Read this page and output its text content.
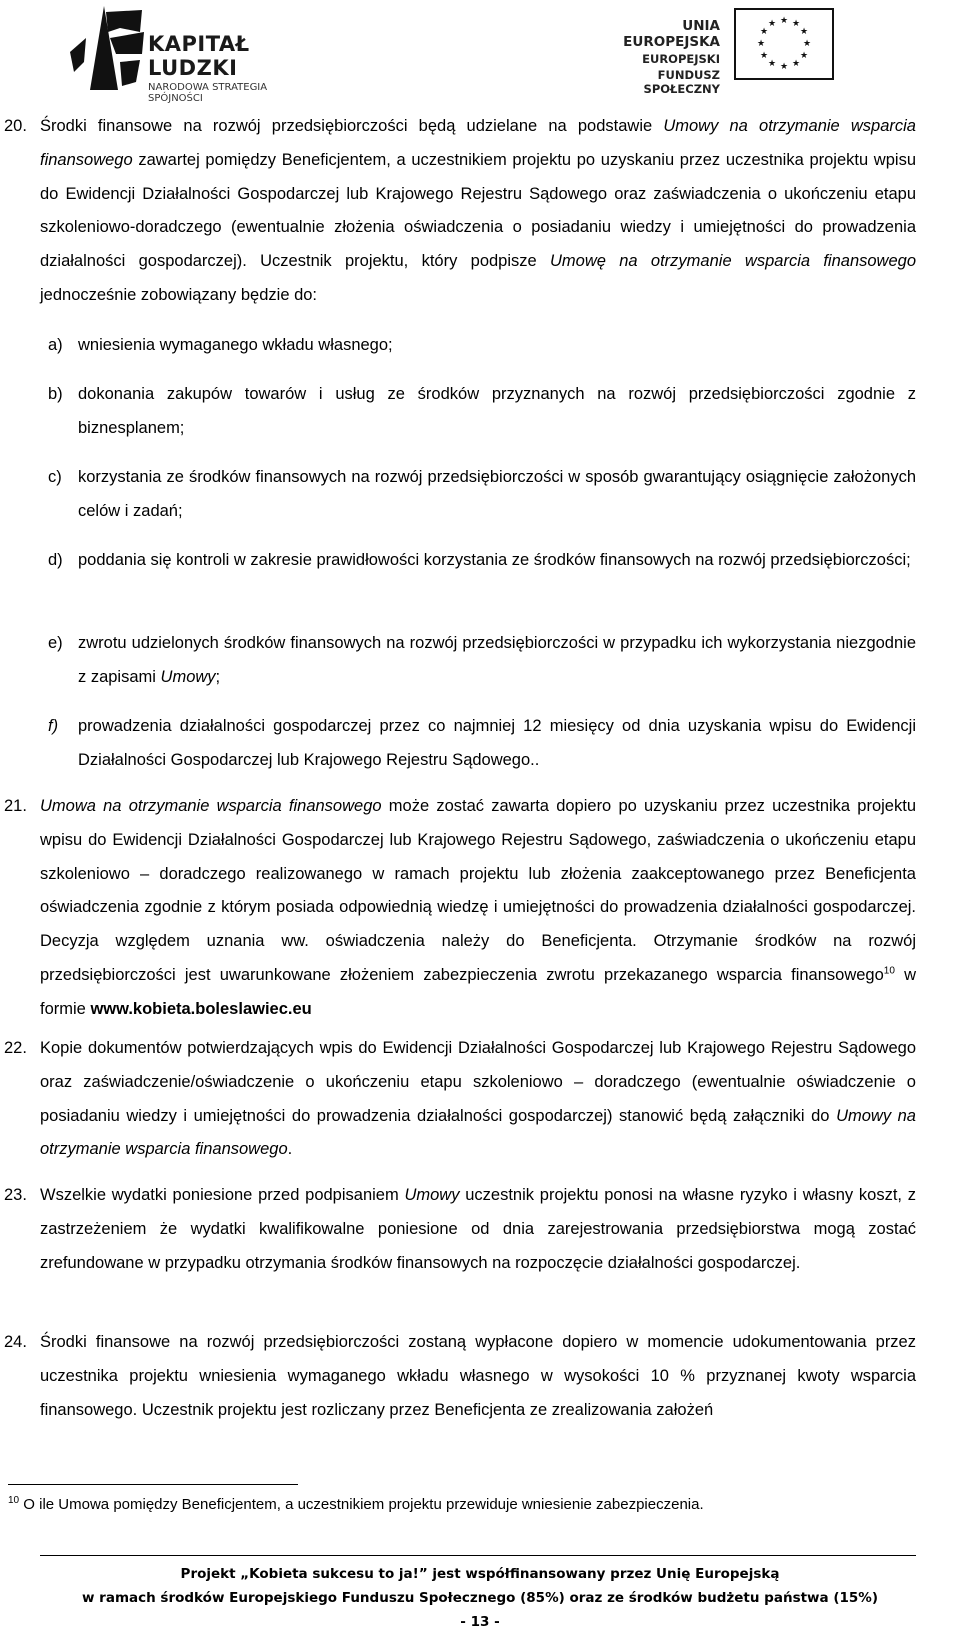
KAPITAŁ LUDZKI
NARODOWA STRATEGIA SPÓJNOŚCI
UNIA EUROPEJSKA
EUROPEJSKI
FUNDUSZ SPOŁECZNY
★ ★
★
★
★
★
★
★
★
★
★
★
20. Środki finansowe na rozwój przedsiębiorczości będą udzielane na podstawie Umowy na otrzymanie wsparcia finansowego zawartej pomiędzy Beneficjentem, a uczestnikiem projektu po uzyskaniu przez uczestnika projektu wpisu do Ewidencji Działalności Gospodarczej lub Krajowego Rejestru Sądowego oraz zaświadczenia o ukończeniu etapu szkoleniowo-doradczego (ewentualnie złożenia oświadczenia o posiadaniu wiedzy i umiejętności do prowadzenia działalności gospodarczej). Uczestnik projektu, który podpisze Umowę na otrzymanie wsparcia finansowego jednocześnie zobowiązany będzie do:
a) wniesienia wymaganego wkładu własnego;
b) dokonania zakupów towarów i usług ze środków przyznanych na rozwój przedsiębiorczości zgodnie z biznesplanem;
c) korzystania ze środków finansowych na rozwój przedsiębiorczości w sposób gwarantujący osiągnięcie założonych celów i zadań;
d) poddania się kontroli w zakresie prawidłowości korzystania ze środków finansowych na rozwój przedsiębiorczości;
e) zwrotu udzielonych środków finansowych na rozwój przedsiębiorczości w przypadku ich wykorzystania niezgodnie z zapisami Umowy;
f) prowadzenia działalności gospodarczej przez co najmniej 12 miesięcy od dnia uzyskania wpisu do Ewidencji Działalności Gospodarczej lub Krajowego Rejestru Sądowego..
21. Umowa na otrzymanie wsparcia finansowego może zostać zawarta dopiero po uzyskaniu przez uczestnika projektu wpisu do Ewidencji Działalności Gospodarczej lub Krajowego Rejestru Sądowego, zaświadczenia o ukończeniu etapu szkoleniowo – doradczego realizowanego w ramach projektu lub złożenia zaakceptowanego przez Beneficjenta oświadczenia zgodnie z którym posiada odpowiednią wiedzę i umiejętności do prowadzenia działalności gospodarczej. Decyzja względem uznania ww. oświadczenia należy do Beneficjenta. Otrzymanie środków na rozwój przedsiębiorczości jest uwarunkowane złożeniem zabezpieczenia zwrotu przekazanego wsparcia finansowego$^{10}$ w formie www.kobieta.boleslawiec.eu
22. Kopie dokumentów potwierdzających wpis do Ewidencji Działalności Gospodarczej lub Krajowego Rejestru Sądowego oraz zaświadczenie/oświadczenie o ukończeniu etapu szkoleniowo – doradczego (ewentualnie oświadczenie o posiadaniu wiedzy i umiejętności do prowadzenia działalności gospodarczej) stanowić będą załączniki do Umowy na otrzymanie wsparcia finansowego.
23. Wszelkie wydatki poniesione przed podpisaniem Umowy uczestnik projektu ponosi na własne ryzyko i własny koszt, z zastrzeżeniem że wydatki kwalifikowalne poniesione od dnia zarejestrowania przedsiębiorstwa mogą zostać zrefundowane w przypadku otrzymania środków finansowych na rozpoczęcie działalności gospodarczej.
24. Środki finansowe na rozwój przedsiębiorczości zostaną wypłacone dopiero w momencie udokumentowania przez uczestnika projektu wniesienia wymaganego wkładu własnego w wysokości 10 % przyznanej kwoty wsparcia finansowego. Uczestnik projektu jest rozliczany przez Beneficjenta ze zrealizowania założeń
$^{10}$ O ile Umowa pomiędzy Beneficjentem, a uczestnikiem projektu przewiduje wniesienie zabezpieczenia.
Projekt „Kobieta sukcesu to ja!” jest współfinansowany przez Unię Europejską
w ramach środków Europejskiego Funduszu Społecznego (85%) oraz ze środków budżetu państwa (15%)
- 13 -
